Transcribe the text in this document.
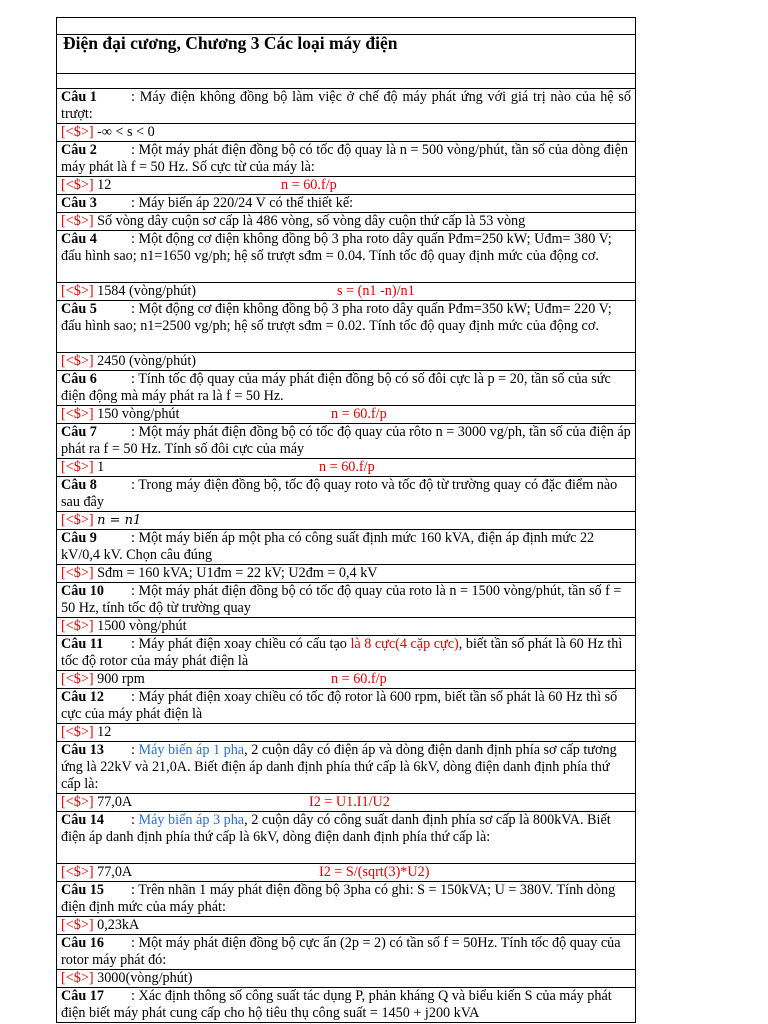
Điện đại cương, Chương 3 Các loại máy điện

Câu 1 : Máy điện không đồng bộ làm việc ở chế độ máy phát ứng với giá trị nào của hệ số trượt:

[<$>] -∞ < s < 0
Câu 2 : Một máy phát điện đồng bộ có tốc độ quay là n = 500 vòng/phút, tần số của dòng điện máy phát là f = 50 Hz. Số cực từ của máy là:
[<$>] 12	n = 60.f/p

Câu 3 : Máy biến áp 220/24 V có thể thiết kế:
[<$>] Số vòng dây cuộn sơ cấp là 486 vòng, số vòng dây cuộn thứ cấp là 53 vòng
Câu 4 : Một động cơ điện không đồng bộ 3 pha roto dây quấn Pđm=250 kW; Uđm= 380 V; đấu hình sao; n1=1650 vg/ph; hệ số trượt sđm = 0.04. Tính tốc độ quay định mức của động cơ.
[<$>] 1584 (vòng/phút)	s = (n1 -n)/n1

Câu 5 : Một động cơ điện không đồng bộ 3 pha roto dây quấn Pđm=350 kW; Uđm= 220 V; đấu hình sao; n1=2500 vg/ph; hệ số trượt sđm = 0.02. Tính tốc độ quay định mức của động cơ.
[<$>] 2450 (vòng/phút)
Câu 6 : Tính tốc độ quay của máy phát điện đồng bộ có số đôi cực là p = 20, tần số của sức điện động mà máy phát ra là f = 50 Hz.
[<$>] 150 vòng/phút	n = 60.f/p

Câu 7 : Một máy phát điện đồng bộ có tốc độ quay của rôto n = 3000 vg/ph, tần số của điện áp phát ra f = 50 Hz. Tính số đôi cực của máy
[<$>] 1	n = 60.f/p

Câu 8 : Trong máy điện đồng bộ, tốc độ quay roto và tốc độ từ trường quay có đặc điểm nào sau đây
[<$>] n = n1
Câu 9 : Một máy biến áp một pha có công suất định mức 160 kVA, điện áp định mức 22 kV/0,4 kV. Chọn câu đúng
[<$>] Sđm = 160 kVA; U1đm = 22 kV; U2đm = 0,4 kV
Câu 10 : Một máy phát điện đồng bộ có tốc độ quay của roto là n = 1500 vòng/phút, tần số f = 50 Hz, tính tốc độ từ trường quay
[<$>] 1500 vòng/phút
Câu 11 : Máy phát điện xoay chiều có cấu tạo là 8 cực(4 cặp cực), biết tần số phát là 60 Hz thì tốc độ rotor của máy phát điện là
[<$>] 900 rpm	n = 60.f/p

Câu 12 : Máy phát điện xoay chiều có tốc độ rotor là 600 rpm, biết tần số phát là 60 Hz thì số cực của máy phát điện là
[<$>] 12
Câu 13 : Máy biến áp 1 pha, 2 cuộn dây có điện áp và dòng điện danh định phía sơ cấp tương ứng là 22kV và 21,0A. Biết điện áp danh định phía thứ cấp là 6kV, dòng điện danh định phía thứ cấp là:
[<$>] 77,0A	I2 = U1.I1/U2

Câu 14 : Máy biến áp 3 pha, 2 cuộn dây có công suất danh định phía sơ cấp là 800kVA. Biết điện áp danh định phía thứ cấp là 6kV, dòng điện danh định phía thứ cấp là:
[<$>] 77,0A	I2 = S/(sqrt(3)*U2)

Câu 15 : Trên nhãn 1 máy phát điện đồng bộ 3pha có ghi: S = 150kVA; U = 380V. Tính dòng điện định mức của máy phát:
[<$>] 0,23kA
Câu 16 : Một máy phát điện đồng bộ cực ẩn (2p = 2) có tần số f = 50Hz. Tính tốc độ quay của rotor máy phát đó:
[<$>] 3000(vòng/phút)
Câu 17 : Xác định thông số công suất tác dụng P, phản kháng Q và biểu kiến S của máy phát điện biết máy phát cung cấp cho hộ tiêu thụ công suất = 1450 + j200 kVA
